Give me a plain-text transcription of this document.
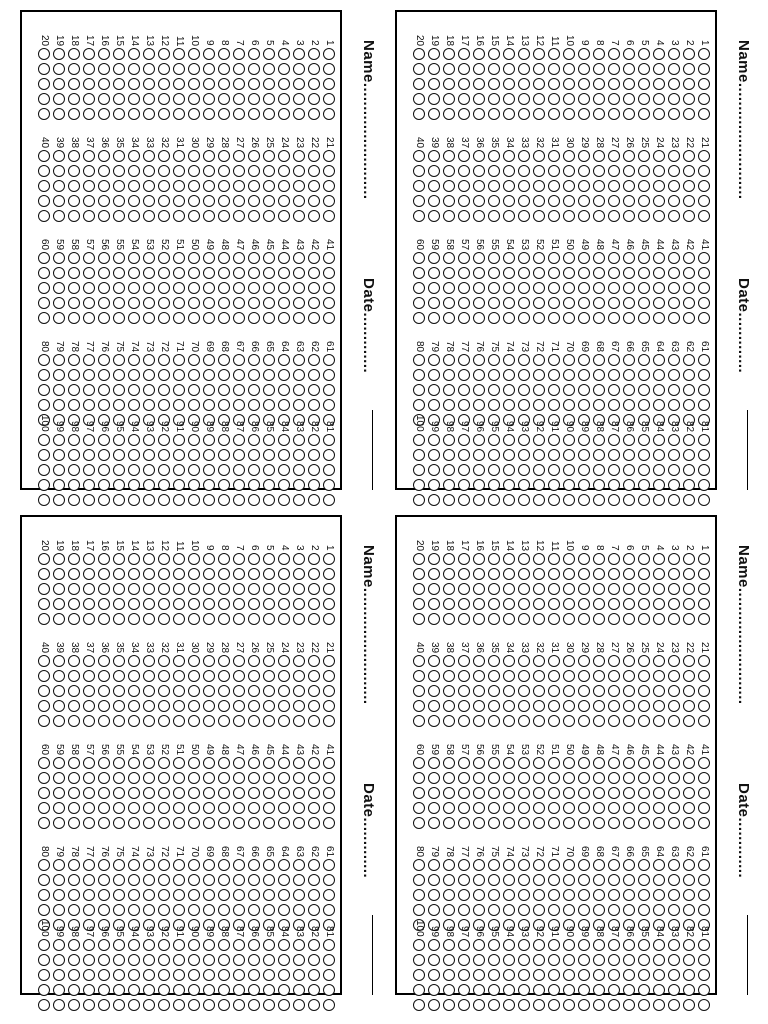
Name.........................
Date.............
1
2
3
4
5
6
7
8
9
10
11
12
13
14
15
16
17
18
19
20
21
22
23
24
25
26
27
28
29
30
31
32
33
34
35
36
37
38
39
40
41
42
43
44
45
46
47
48
49
50
51
52
53
54
55
56
57
58
59
60
61
62
63
64
65
66
67
68
69
70
71
72
73
74
75
76
77
78
79
80
81
82
83
84
85
86
87
88
89
90
91
92
93
94
95
96
97
98
99
100
Name.........................
Date.............
1
2
3
4
5
6
7
8
9
10
11
12
13
14
15
16
17
18
19
20
21
22
23
24
25
26
27
28
29
30
31
32
33
34
35
36
37
38
39
40
41
42
43
44
45
46
47
48
49
50
51
52
53
54
55
56
57
58
59
60
61
62
63
64
65
66
67
68
69
70
71
72
73
74
75
76
77
78
79
80
81
82
83
84
85
86
87
88
89
90
91
92
93
94
95
96
97
98
99
100
Name.........................
Date.............
1
2
3
4
5
6
7
8
9
10
11
12
13
14
15
16
17
18
19
20
21
22
23
24
25
26
27
28
29
30
31
32
33
34
35
36
37
38
39
40
41
42
43
44
45
46
47
48
49
50
51
52
53
54
55
56
57
58
59
60
61
62
63
64
65
66
67
68
69
70
71
72
73
74
75
76
77
78
79
80
81
82
83
84
85
86
87
88
89
90
91
92
93
94
95
96
97
98
99
100
Name.........................
Date.............
1
2
3
4
5
6
7
8
9
10
11
12
13
14
15
16
17
18
19
20
21
22
23
24
25
26
27
28
29
30
31
32
33
34
35
36
37
38
39
40
41
42
43
44
45
46
47
48
49
50
51
52
53
54
55
56
57
58
59
60
61
62
63
64
65
66
67
68
69
70
71
72
73
74
75
76
77
78
79
80
81
82
83
84
85
86
87
88
89
90
91
92
93
94
95
96
97
98
99
100
